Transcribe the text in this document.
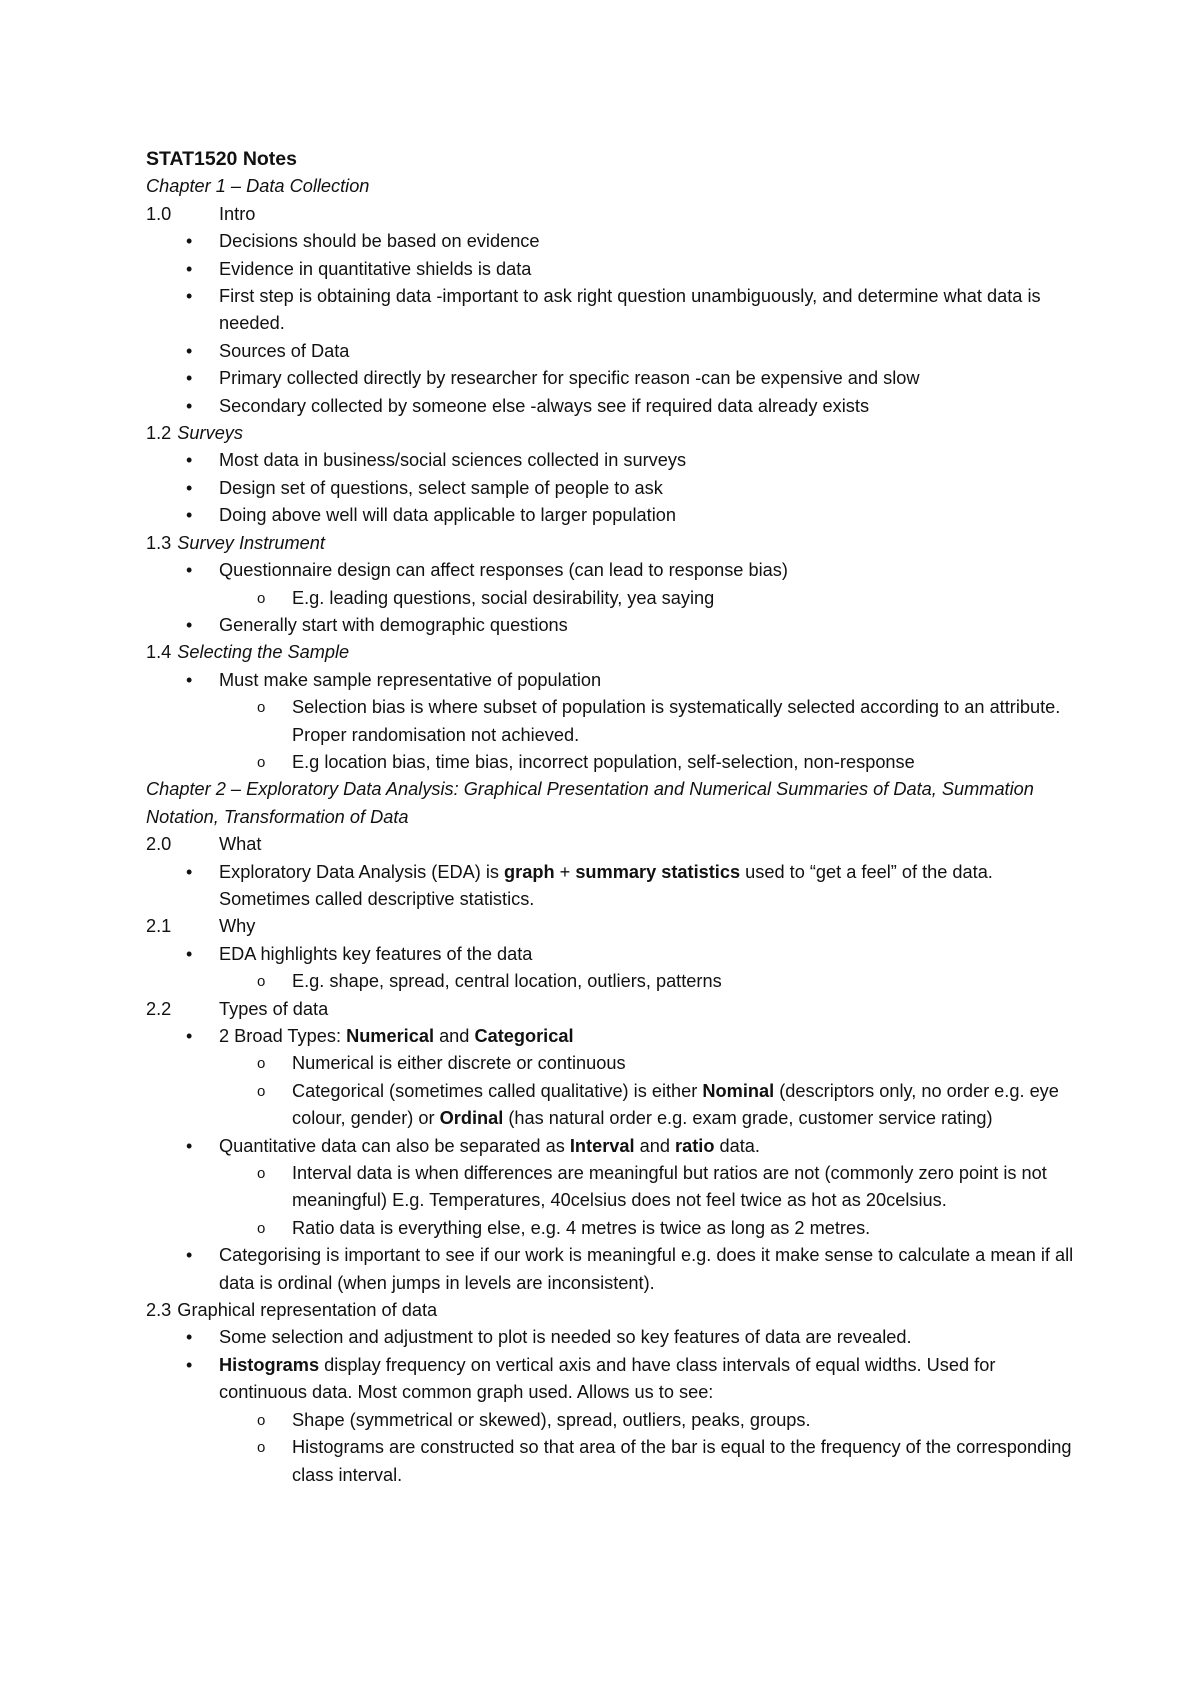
STAT1520 Notes
Chapter 1 – Data Collection
1.0	Intro
• Decisions should be based on evidence
• Evidence in quantitative shields is data
• First step is obtaining data -important to ask right question unambiguously, and determine what data is needed.
• Sources of Data
• Primary collected directly by researcher for specific reason -can be expensive and slow
• Secondary collected by someone else -always see if required data already exists
1.2 Surveys
• Most data in business/social sciences collected in surveys
• Design set of questions, select sample of people to ask
• Doing above well will data applicable to larger population
1.3 Survey Instrument
• Questionnaire design can affect responses (can lead to response bias)
o E.g. leading questions, social desirability, yea saying
• Generally start with demographic questions
1.4 Selecting the Sample
• Must make sample representative of population
o Selection bias is where subset of population is systematically selected according to an attribute. Proper randomisation not achieved.
o E.g location bias, time bias, incorrect population, self-selection, non-response
Chapter 2 – Exploratory Data Analysis: Graphical Presentation and Numerical Summaries of Data, Summation Notation, Transformation of Data
2.0	What
• Exploratory Data Analysis (EDA) is graph + summary statistics used to “get a feel” of the data. Sometimes called descriptive statistics.
2.1	Why
• EDA highlights key features of the data
o E.g. shape, spread, central location, outliers, patterns
2.2	Types of data
• 2 Broad Types: Numerical and Categorical
o Numerical is either discrete or continuous
o Categorical (sometimes called qualitative) is either Nominal (descriptors only, no order e.g. eye colour, gender) or Ordinal (has natural order e.g. exam grade, customer service rating)
• Quantitative data can also be separated as Interval and ratio data.
o Interval data is when differences are meaningful but ratios are not (commonly zero point is not meaningful) E.g. Temperatures, 40celsius does not feel twice as hot as 20celsius.
o Ratio data is everything else, e.g. 4 metres is twice as long as 2 metres.
• Categorising is important to see if our work is meaningful e.g. does it make sense to calculate a mean if all data is ordinal (when jumps in levels are inconsistent).
2.3 Graphical representation of data
• Some selection and adjustment to plot is needed so key features of data are revealed.
• Histograms display frequency on vertical axis and have class intervals of equal widths. Used for continuous data. Most common graph used. Allows us to see:
o Shape (symmetrical or skewed), spread, outliers, peaks, groups.
o Histograms are constructed so that area of the bar is equal to the frequency of the corresponding class interval.
